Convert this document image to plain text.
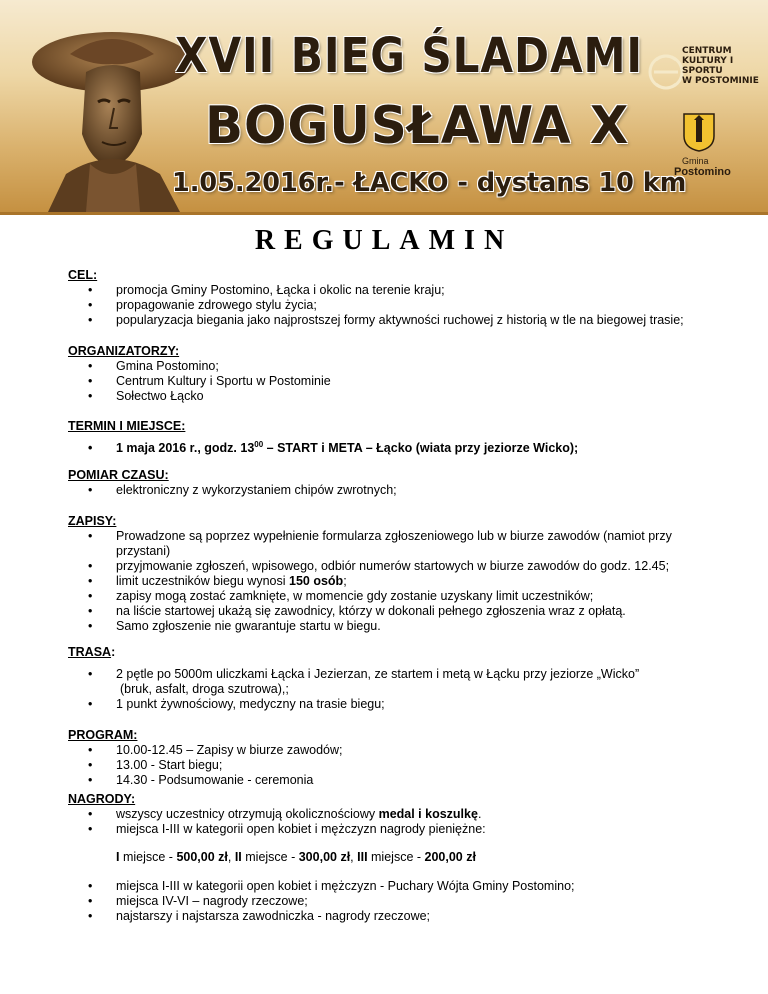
XVII BIEG ŚLADAMI
BOGUSŁAWA X
1.05.2016r.- ŁACKO - dystans 10 km
CENTRUM
KULTURY I SPORTU
W POSTOMINIE
Gmina
Postomino
REGULAMIN
CEL:
• promocja Gminy Postomino, Łącka i okolic na terenie kraju;
• propagowanie zdrowego stylu życia;
• popularyzacja biegania jako najprostszej formy aktywności ruchowej z historią w tle na biegowej trasie;
ORGANIZATORZY:
• Gmina Postomino;
• Centrum Kultury i Sportu w Postominie
• Sołectwo Łącko
TERMIN I MIEJSCE:
• 1 maja 2016 r., godz. $13^{00}$ – START i META – Łącko (wiata przy jeziorze Wicko);
POMIAR CZASU:
• elektroniczny z wykorzystaniem chipów zwrotnych;
ZAPISY:
• Prowadzone są poprzez wypełnienie formularza zgłoszeniowego lub w biurze zawodów (namiot przy
przystani)
• przyjmowanie zgłoszeń, wpisowego, odbiór numerów startowych w biurze zawodów do godz. 12.45;
• limit uczestników biegu wynosi 150 osób;
• zapisy mogą zostać zamknięte, w momencie gdy zostanie uzyskany limit uczestników;
• na liście startowej ukażą się zawodnicy, którzy w dokonali pełnego zgłoszenia wraz z opłatą.
• Samo zgłoszenie nie gwarantuje startu w biegu.
TRASA:
• 2 pętle po 5000m uliczkami Łącka i Jezierzan, ze startem i metą w Łącku przy jeziorze „Wicko”
(bruk, asfalt, droga szutrowa),;
• 1 punkt żywnościowy, medyczny na trasie biegu;
PROGRAM:
• 10.00-12.45 – Zapisy w biurze zawodów;
• 13.00 - Start biegu;
• 14.30 - Podsumowanie - ceremonia
NAGRODY:
• wszyscy uczestnicy otrzymują okolicznościowy medal i koszulkę.
• miejsca I-III w kategorii open kobiet i mężczyzn nagrody pieniężne:
I miejsce - 500,00 zł, II miejsce - 300,00 zł, III miejsce - 200,00 zł
• miejsca I-III w kategorii open kobiet i mężczyzn - Puchary Wójta Gminy Postomino;
• miejsca IV-VI – nagrody rzeczowe;
• najstarszy i najstarsza zawodniczka - nagrody rzeczowe;
